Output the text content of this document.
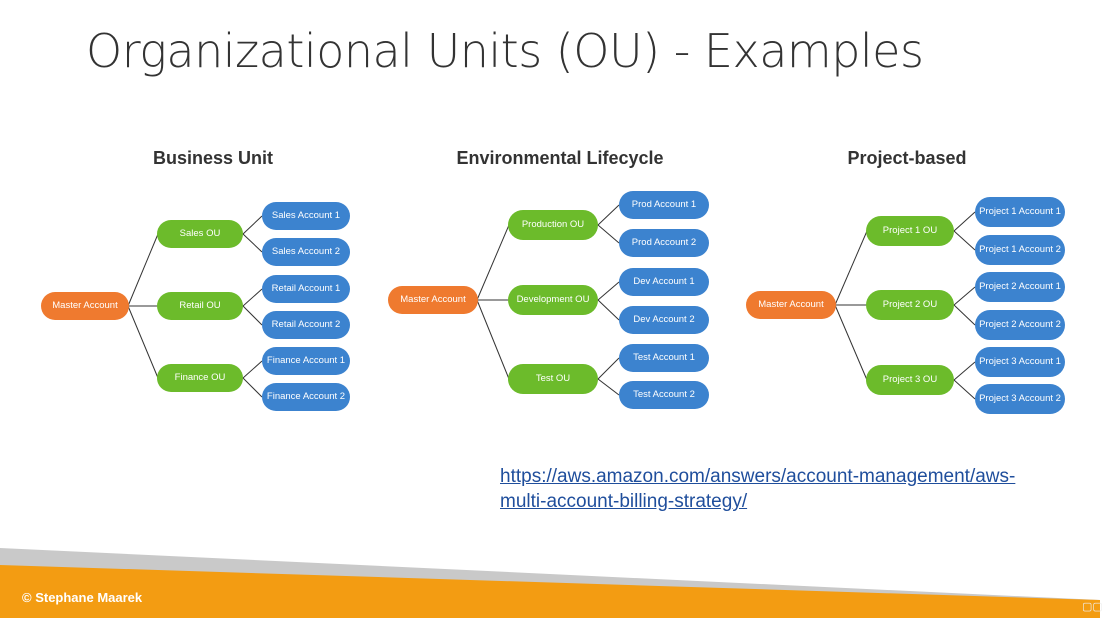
Organizational Units (OU) - Examples
Business Unit
Master Account
Sales OU
Retail OU
Finance OU
Sales Account 1
Sales Account 2
Retail Account 1
Retail Account 2
Finance Account 1
Finance Account 2
Environmental Lifecycle
Master Account
Production OU
Development OU
Test OU
Prod Account 1
Prod Account 2
Dev Account 1
Dev Account 2
Test Account 1
Test Account 2
Project-based
Master Account
Project 1 OU
Project 2 OU
Project 3 OU
Project 1 Account 1
Project 1 Account 2
Project 2 Account 1
Project 2 Account 2
Project 3 Account 1
Project 3 Account 2
https://aws.amazon.com/answers/account-management/aws-multi-account-billing-strategy/
© Stephane Maarek
▢▢
